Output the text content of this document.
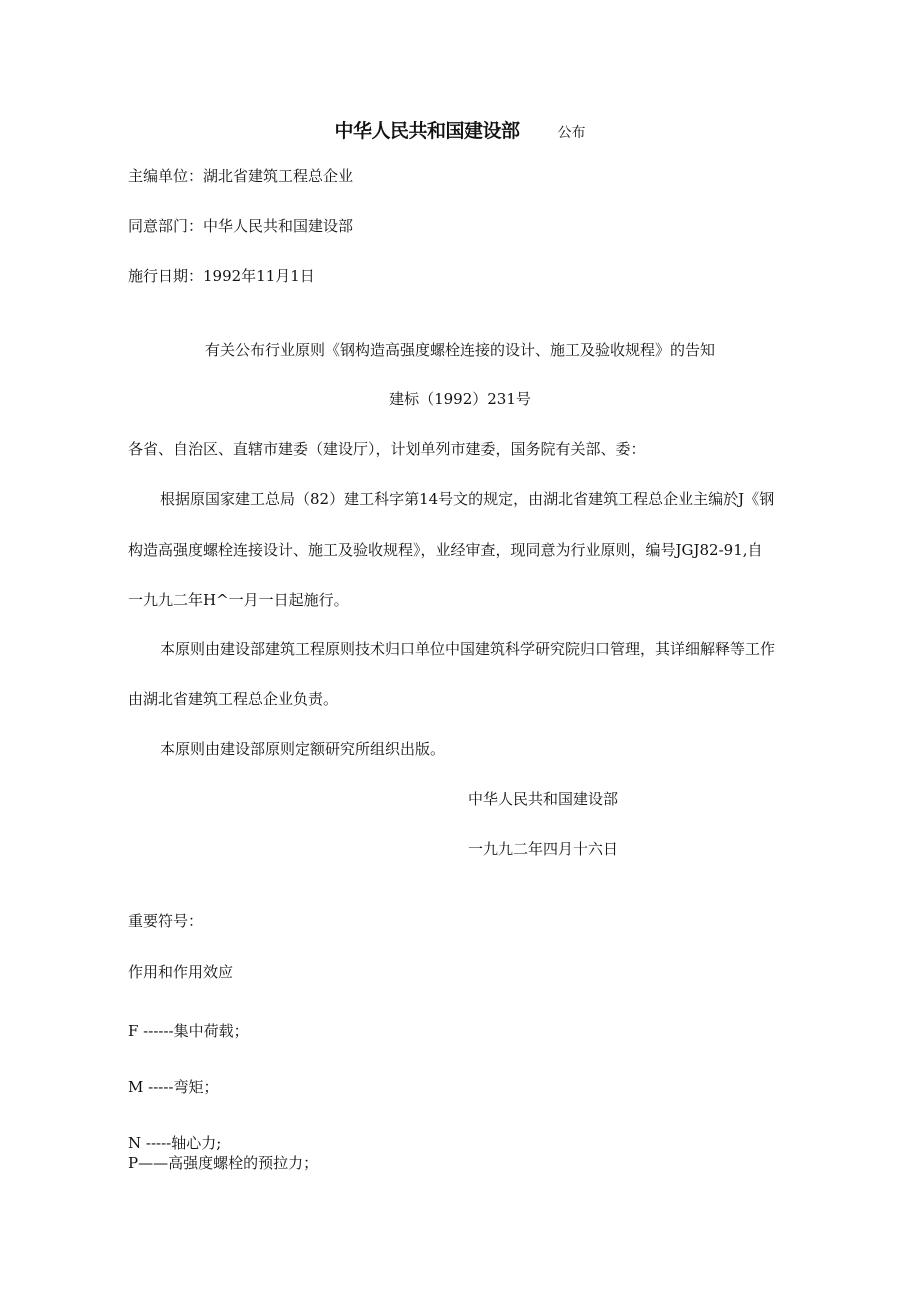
中华人民共和国建设部	公布
主编单位：湖北省建筑工程总企业
同意部门：中华人民共和国建设部
施行日期：1992年11月1日
有关公布行业原则《钢构造高强度螺栓连接的设计、施工及验收规程》的告知
建标（1992）231号
各省、自治区、直辖市建委（建设厅），计划单列市建委，国务院有关部、委：
根据原国家建工总局（82）建工科字第14号文的规定，由湖北省建筑工程总企业主编於J《钢
构造高强度螺栓连接设计、施工及验收规程》，业经审查，现同意为行业原则，编号JGJ82-91,自
一九九二年H^一月一日起施行。
本原则由建设部建筑工程原则技术归口单位中国建筑科学研究院归口管理，其详细解释等工作
由湖北省建筑工程总企业负责。
本原则由建设部原则定额研究所组织出版。
中华人民共和国建设部
一九九二年四月十六日
重要符号：
作用和作用效应
F ------集中荷载；
M -----弯矩；
N -----轴心力;
P——高强度螺栓的预拉力；
